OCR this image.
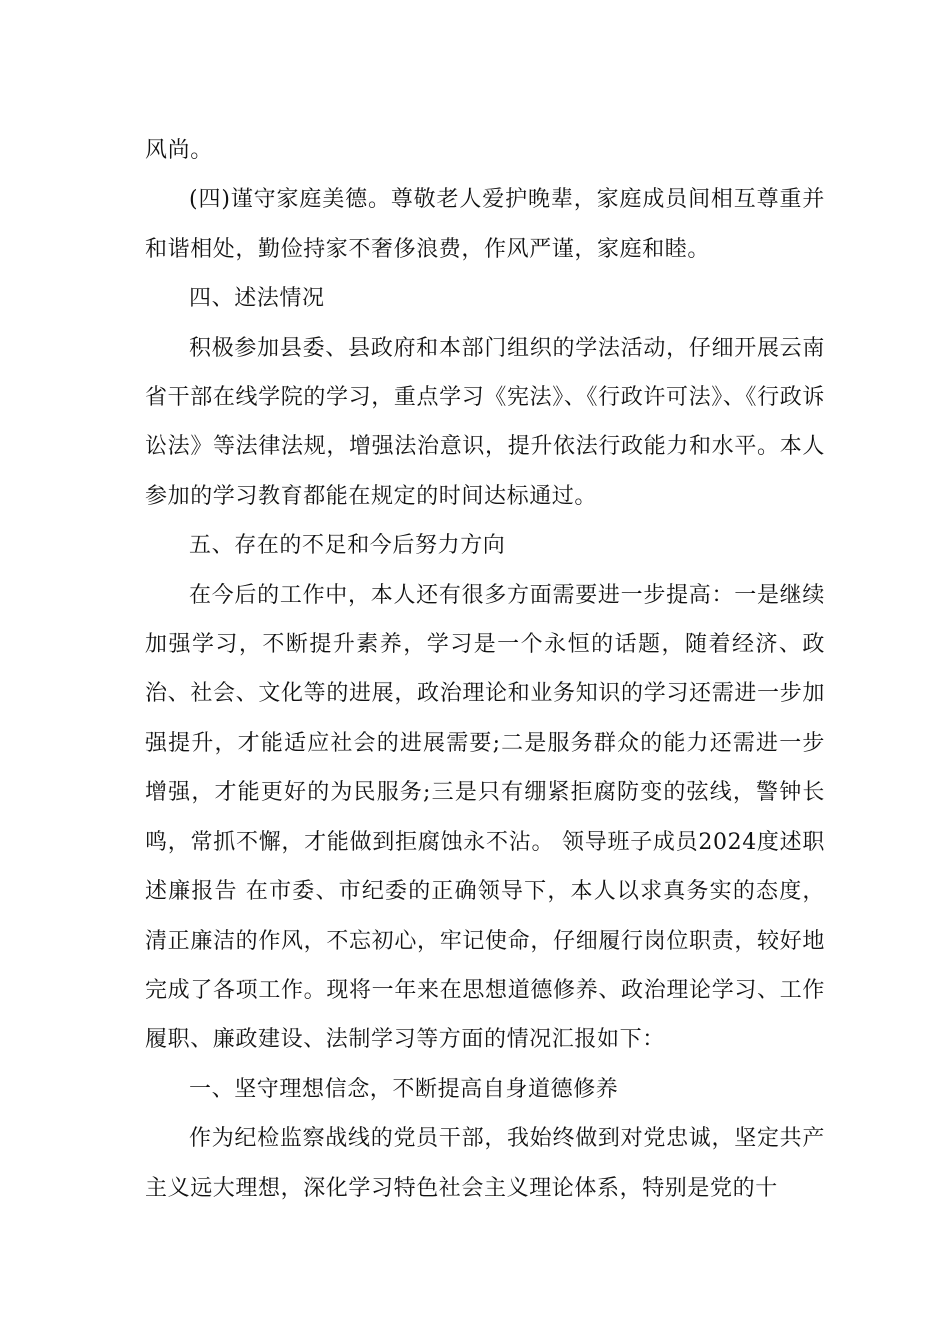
风尚。

(四)谨守家庭美德。尊敬老人爱护晚辈，家庭成员间相互尊重并和谐相处，勤俭持家不奢侈浪费，作风严谨，家庭和睦。

四、述法情况

积极参加县委、县政府和本部门组织的学法活动，仔细开展云南省干部在线学院的学习，重点学习《宪法》、《行政许可法》、《行政诉讼法》等法律法规，增强法治意识，提升依法行政能力和水平。本人参加的学习教育都能在规定的时间达标通过。

五、存在的不足和今后努力方向

在今后的工作中，本人还有很多方面需要进一步提高：一是继续加强学习，不断提升素养，学习是一个永恒的话题，随着经济、政治、社会、文化等的进展，政治理论和业务知识的学习还需进一步加强提升，才能适应社会的进展需要;二是服务群众的能力还需进一步增强，才能更好的为民服务;三是只有绷紧拒腐防变的弦线，警钟长鸣，常抓不懈，才能做到拒腐蚀永不沾。 领导班子成员2024度述职述廉报告 在市委、市纪委的正确领导下，本人以求真务实的态度，清正廉洁的作风，不忘初心，牢记使命，仔细履行岗位职责，较好地完成了各项工作。现将一年来在思想道德修养、政治理论学习、工作履职、廉政建设、法制学习等方面的情况汇报如下：

一、坚守理想信念，不断提高自身道德修养

作为纪检监察战线的党员干部，我始终做到对党忠诚，坚定共产主义远大理想，深化学习特色社会主义理论体系，特别是党的十
